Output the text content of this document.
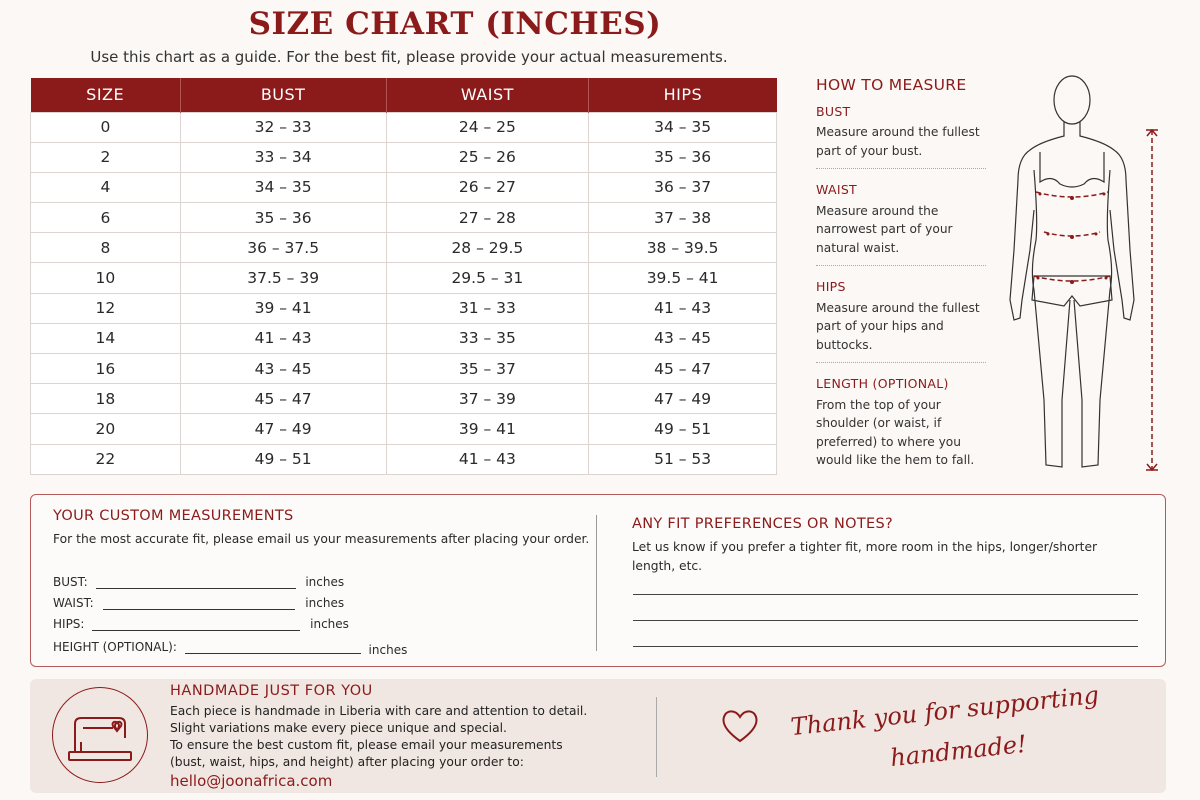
SIZE CHART (INCHES)
Use this chart as a guide. For the best fit, please provide your actual measurements.
SIZE	BUST	WAIST	HIPS
0	32 – 33	24 – 25	34 – 35
2	33 – 34	25 – 26	35 – 36
4	34 – 35	26 – 27	36 – 37
6	35 – 36	27 – 28	37 – 38
8	36 – 37.5	28 – 29.5	38 – 39.5
10	37.5 – 39	29.5 – 31	39.5 – 41
12	39 – 41	31 – 33	41 – 43
14	41 – 43	33 – 35	43 – 45
16	43 – 45	35 – 37	45 – 47
18	45 – 47	37 – 39	47 – 49
20	47 – 49	39 – 41	49 – 51
22	49 – 51	41 – 43	51 – 53
HOW TO MEASURE
BUST
Measure around the fullest part of your bust.
WAIST
Measure around the narrowest part of your natural waist.
HIPS
Measure around the fullest part of your hips and buttocks.
LENGTH (OPTIONAL)
From the top of your shoulder (or waist, if preferred) to where you would like the hem to fall.
YOUR CUSTOM MEASUREMENTS
For the most accurate fit, please email us your measurements after placing your order.
BUST:	inches
WAIST:	inches
HIPS:	inches
HEIGHT (OPTIONAL):	inches
ANY FIT PREFERENCES OR NOTES?
Let us know if you prefer a tighter fit, more room in the hips, longer/shorter length, etc.
HANDMADE JUST FOR YOU
Each piece is handmade in Liberia with care and attention to detail.
Slight variations make every piece unique and special.
To ensure the best custom fit, please email your measurements
(bust, waist, hips, and height) after placing your order to:
hello@joonafrica.com
Thank you for supporting
handmade!
